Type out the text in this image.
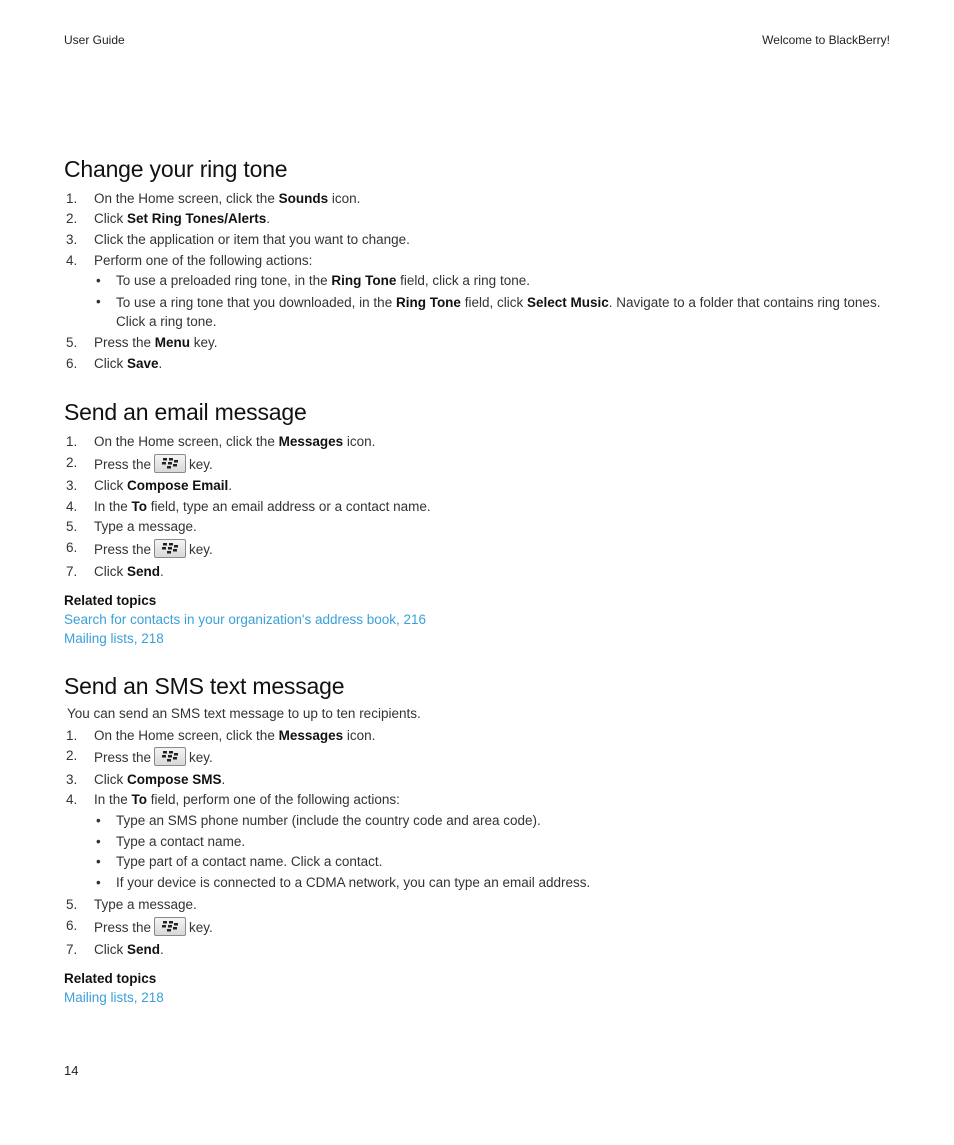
User Guide	Welcome to BlackBerry!
Change your ring tone
1. On the Home screen, click the Sounds icon.
2. Click Set Ring Tones/Alerts.
3. Click the application or item that you want to change.
4. Perform one of the following actions:
• To use a preloaded ring tone, in the Ring Tone field, click a ring tone.
• To use a ring tone that you downloaded, in the Ring Tone field, click Select Music. Navigate to a folder that contains ring tones. Click a ring tone.
5. Press the Menu key.
6. Click Save.
Send an email message
1. On the Home screen, click the Messages icon.
2. Press the	key.
3. Click Compose Email.
4. In the To field, type an email address or a contact name.
5. Type a message.
6. Press the	key.
7. Click Send.
Related topics
Search for contacts in your organization's address book, 216
Mailing lists, 218
Send an SMS text message
You can send an SMS text message to up to ten recipients.
1. On the Home screen, click the Messages icon.
2. Press the	key.
3. Click Compose SMS.
4. In the To field, perform one of the following actions:
• Type an SMS phone number (include the country code and area code).
• Type a contact name.
• Type part of a contact name. Click a contact.
• If your device is connected to a CDMA network, you can type an email address.
5. Type a message.
6. Press the	key.
7. Click Send.
Related topics
Mailing lists, 218
14
